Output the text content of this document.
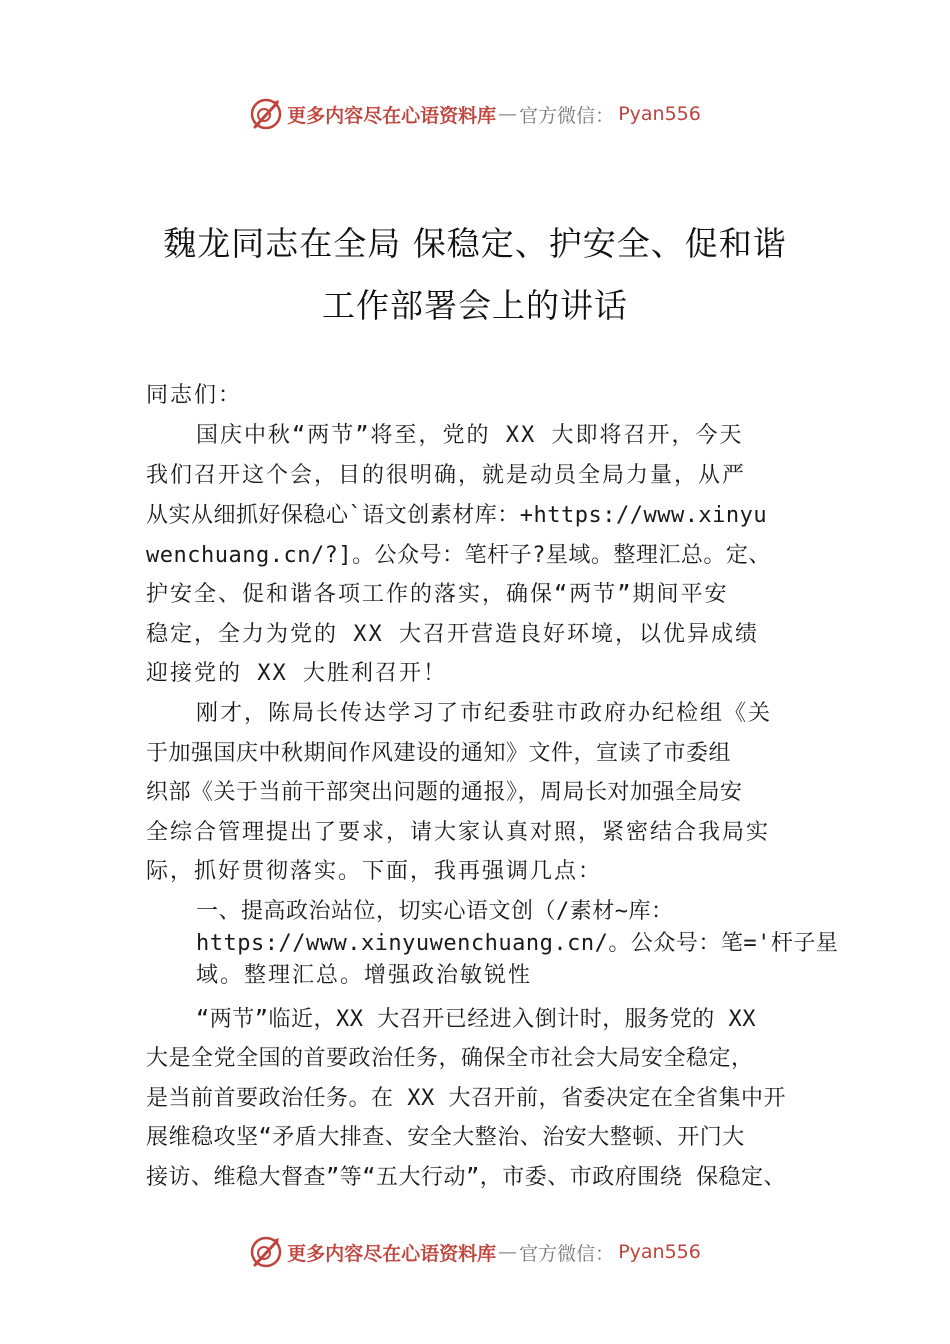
更多内容尽在心语资料库 — 官方微信： Pyan556
魏龙同志在全局 保稳定、护安全、促和谐
工作部署会上的讲话
同志们：
国庆中秋“两节”将至，党的 XX 大即将召开，今天
我们召开这个会，目的很明确，就是动员全局力量，从严
从实从细抓好保稳心`语文创素材库：+https://www.xinyu
wenchuang.cn/?]。公众号：笔杆子?星域。整理汇总。定、
护安全、促和谐各项工作的落实，确保“两节”期间平安
稳定，全力为党的 XX 大召开营造良好环境，以优异成绩
迎接党的 XX 大胜利召开！
刚才，陈局长传达学习了市纪委驻市政府办纪检组《关
于加强国庆中秋期间作风建设的通知》文件，宣读了市委组
织部《关于当前干部突出问题的通报》，周局长对加强全局安
全综合管理提出了要求，请大家认真对照，紧密结合我局实
际，抓好贯彻落实。下面，我再强调几点：
一、提高政治站位，切实心语文创（/素材~库：
https://www.xinyuwenchuang.cn/。公众号：笔='杆子星
域。整理汇总。增强政治敏锐性
“两节”临近，XX 大召开已经进入倒计时，服务党的 XX
大是全党全国的首要政治任务，确保全市社会大局安全稳定，
是当前首要政治任务。在 XX 大召开前，省委决定在全省集中开
展维稳攻坚“矛盾大排查、安全大整治、治安大整顿、开门大
接访、维稳大督查”等“五大行动”，市委、市政府围绕 保稳定、
更多内容尽在心语资料库 — 官方微信： Pyan556
